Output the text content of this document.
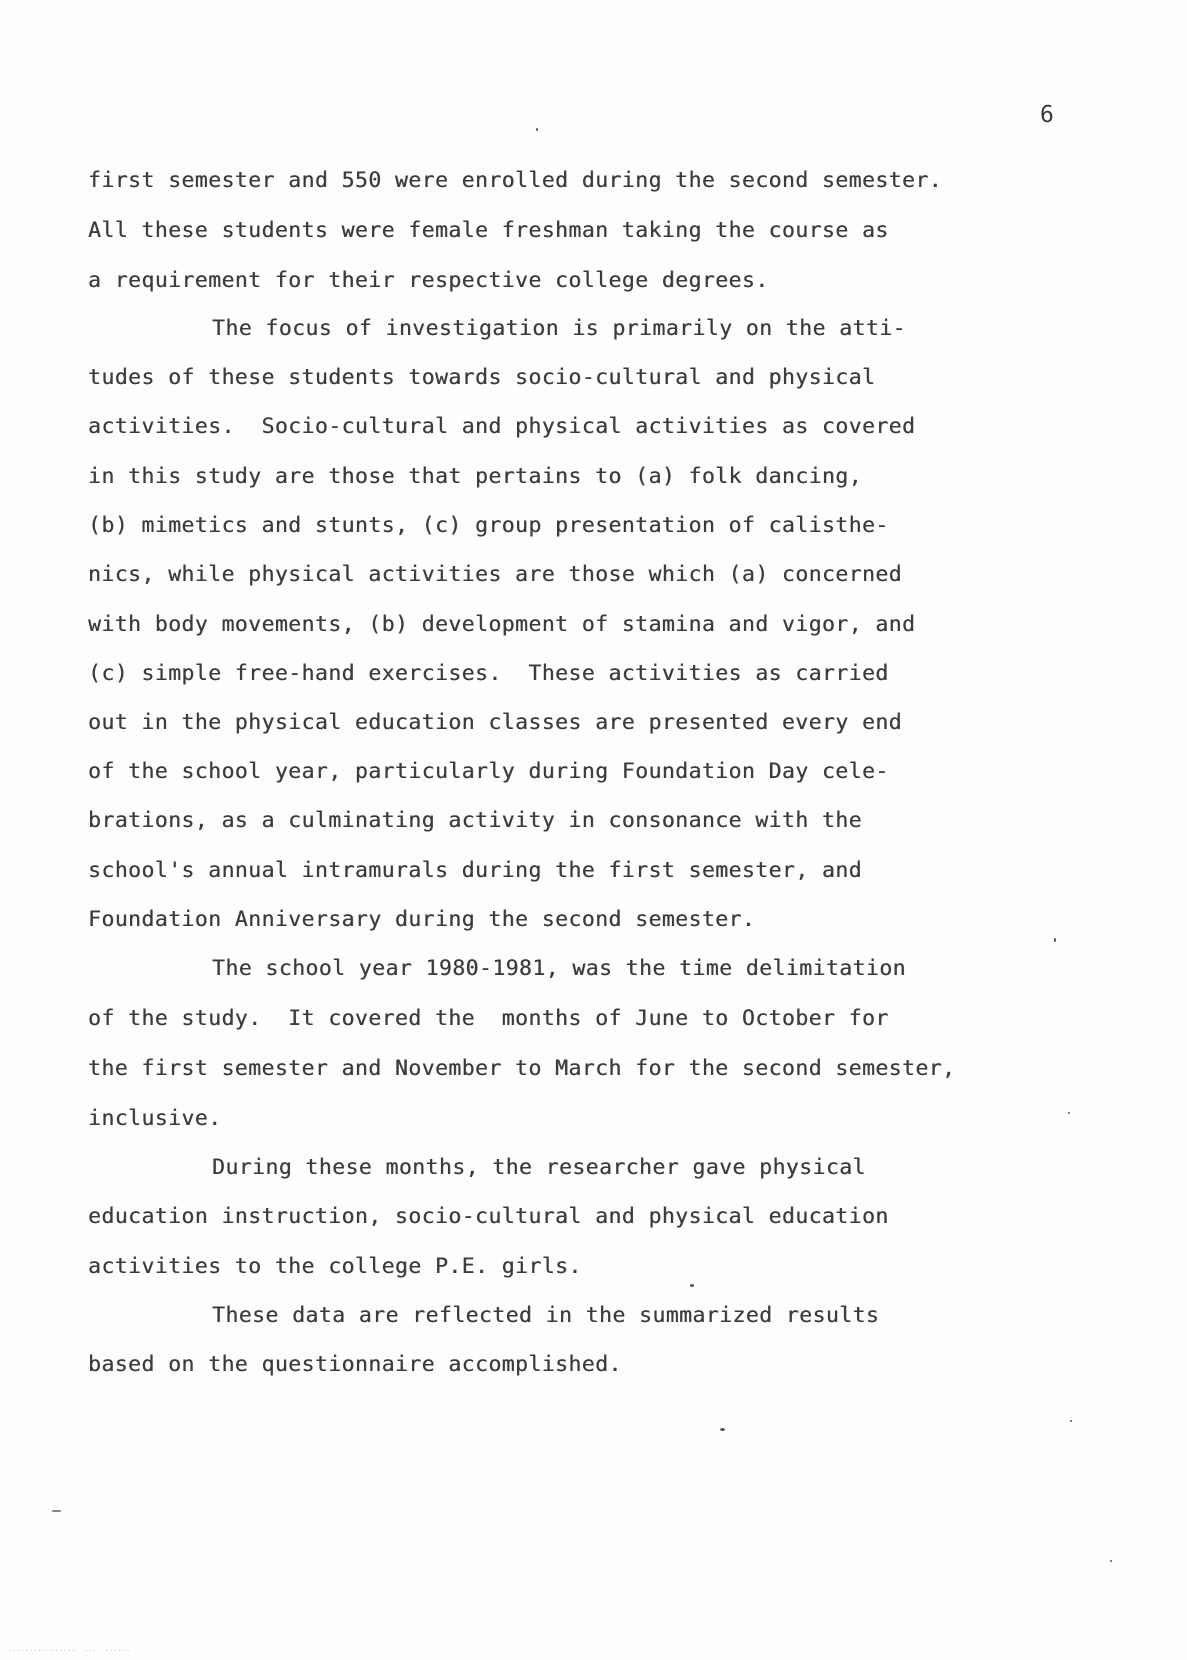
6
first semester and 550 were enrolled during the second semester.
All these students were female freshman taking the course as
a requirement for their respective college degrees.
The focus of investigation is primarily on the atti-
tudes of these students towards socio-cultural and physical
activities.  Socio-cultural and physical activities as covered
in this study are those that pertains to (a) folk dancing,
(b) mimetics and stunts, (c) group presentation of calisthe-
nics, while physical activities are those which (a) concerned
with body movements, (b) development of stamina and vigor, and
(c) simple free-hand exercises.  These activities as carried
out in the physical education classes are presented every end
of the school year, particularly during Foundation Day cele-
brations, as a culminating activity in consonance with the
school's annual intramurals during the first semester, and
Foundation Anniversary during the second semester.
The school year 1980-1981, was the time delimitation
of the study.  It covered the  months of June to October for
the first semester and November to March for the second semester,
inclusive.
During these months, the researcher gave physical
education instruction, socio-cultural and physical education
activities to the college P.E. girls.
These data are reflected in the summarized results
based on the questionnaire accomplished.
................  ...  ......
